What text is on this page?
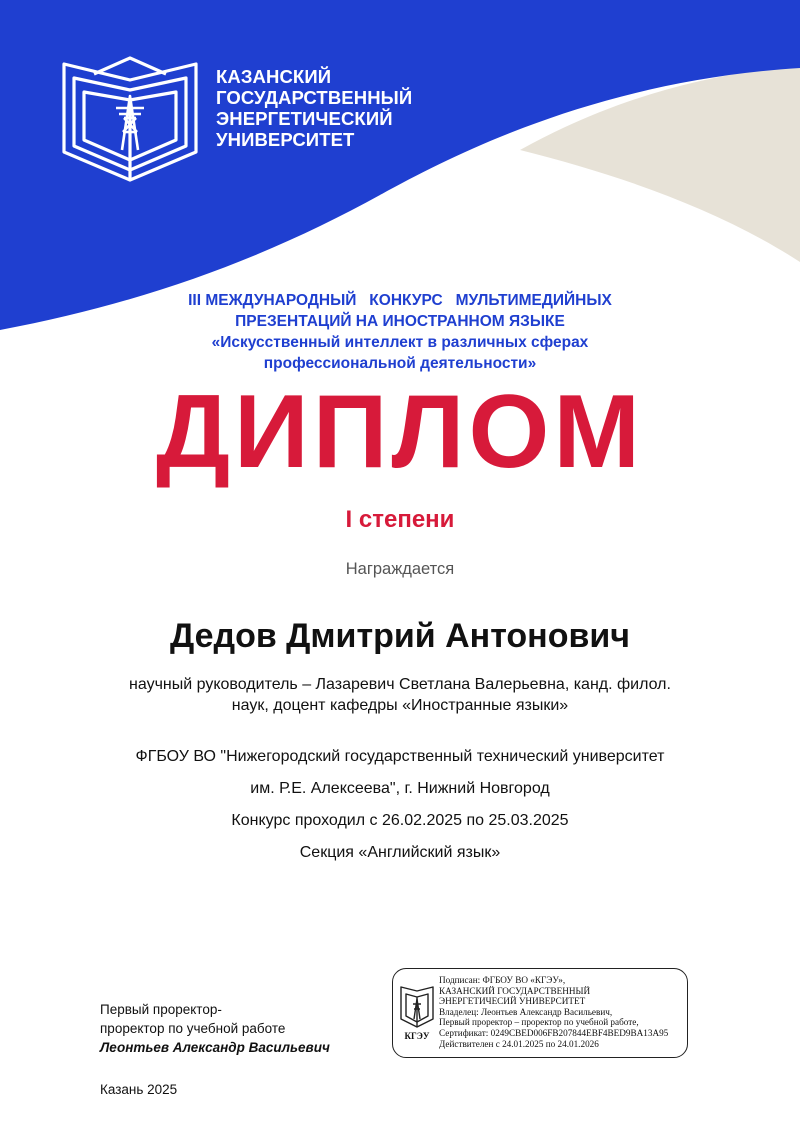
КАЗАНСКИЙ
ГОСУДАРСТВЕННЫЙ
ЭНЕРГЕТИЧЕСКИЙ
УНИВЕРСИТЕТ
III МЕЖДУНАРОДНЫЙ   КОНКУРС   МУЛЬТИМЕДИЙНЫХ
ПРЕЗЕНТАЦИЙ НА ИНОСТРАННОМ ЯЗЫКЕ
«Искусственный интеллект в различных сферах
профессиональной деятельности»
ДИПЛОМ
I степени
Награждается
Дедов Дмитрий Антонович
научный руководитель – Лазаревич Светлана Валерьевна, канд. филол.
наук, доцент кафедры «Иностранные языки»
ФГБОУ ВО "Нижегородский государственный технический университет
им. Р.Е. Алексеева", г. Нижний Новгород
Конкурс проходил с 26.02.2025 по 25.03.2025
Секция «Английский язык»
Первый проректор-
проректор по учебной работе
Леонтьев Александр Васильевич
Казань 2025
КГЭУ
Подписан: ФГБОУ ВО «КГЭУ»,
КАЗАНСКИЙ ГОСУДАРСТВЕННЫЙ
ЭНЕРГЕТИЧЕСИЙ УНИВЕРСИТЕТ
Владелец: Леонтьев Александр Васильевич,
Первый проректор – проректор по учебной работе,
Сертификат: 0249CBED006FB207844EBF4BED9BA13A95
Действителен с 24.01.2025 по 24.01.2026
